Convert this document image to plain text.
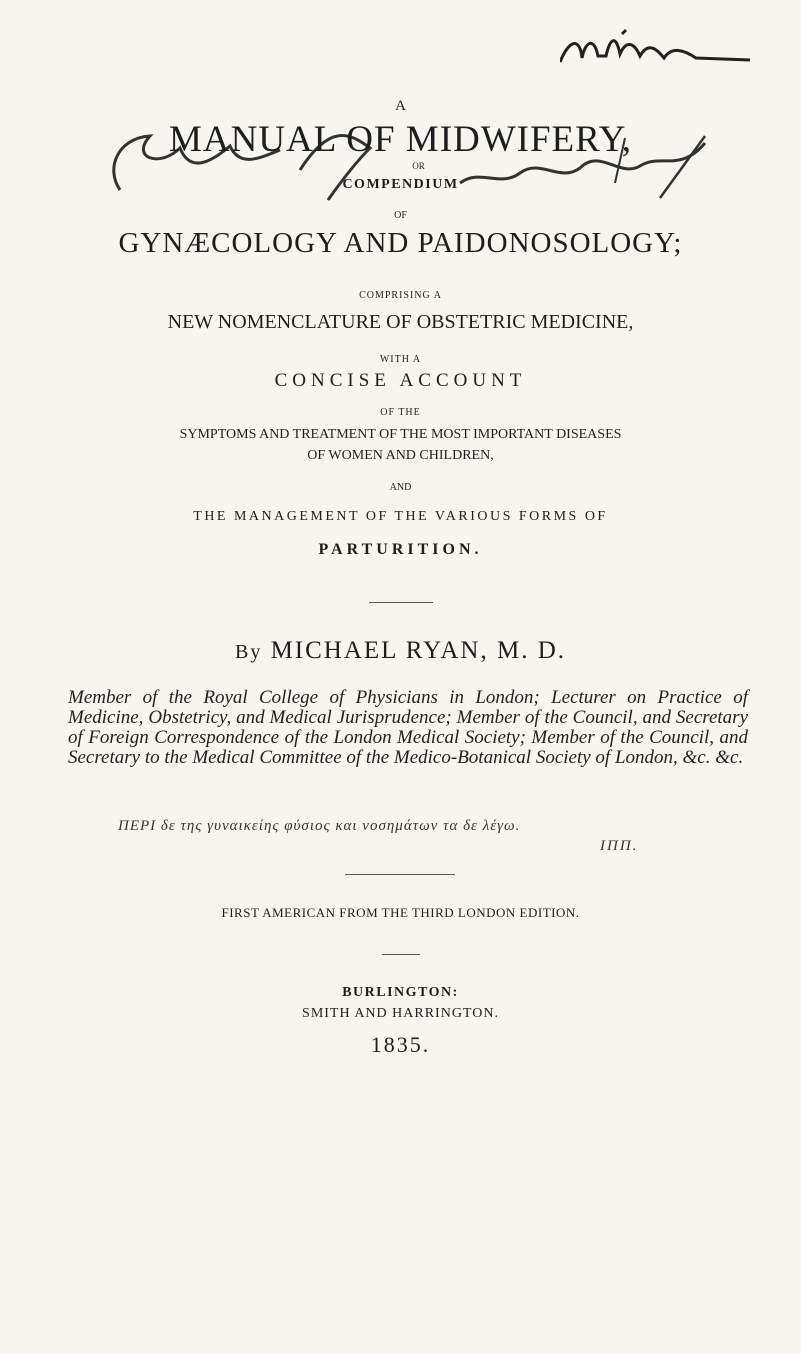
A
MANUAL OF MIDWIFERY,
OR
COMPENDIUM
OF
GYNÆCOLOGY AND PAIDONOSOLOGY;
COMPRISING A
NEW NOMENCLATURE OF OBSTETRIC MEDICINE,
WITH A
CONCISE ACCOUNT
OF THE
SYMPTOMS AND TREATMENT OF THE MOST IMPORTANT DISEASES
OF WOMEN AND CHILDREN,
AND
THE MANAGEMENT OF THE VARIOUS FORMS OF
PARTURITION.
By MICHAEL RYAN, M. D.
Member of the Royal College of Physicians in London; Lecturer on Practice of Medicine, Obstetricy, and Medical Jurisprudence; Member of the Council, and Secretary of Foreign Correspondence of the London Medical Society; Member of the Council, and Secretary to the Medical Committee of the Medico-Botanical Society of London, &c. &c.
ΠΕΡΙ δε της γυναικείης φύσιος και νοσημάτων τα δε λέγω.
ΙΠΠ.
FIRST AMERICAN FROM THE THIRD LONDON EDITION.
BURLINGTON:
SMITH AND HARRINGTON.
1835.
